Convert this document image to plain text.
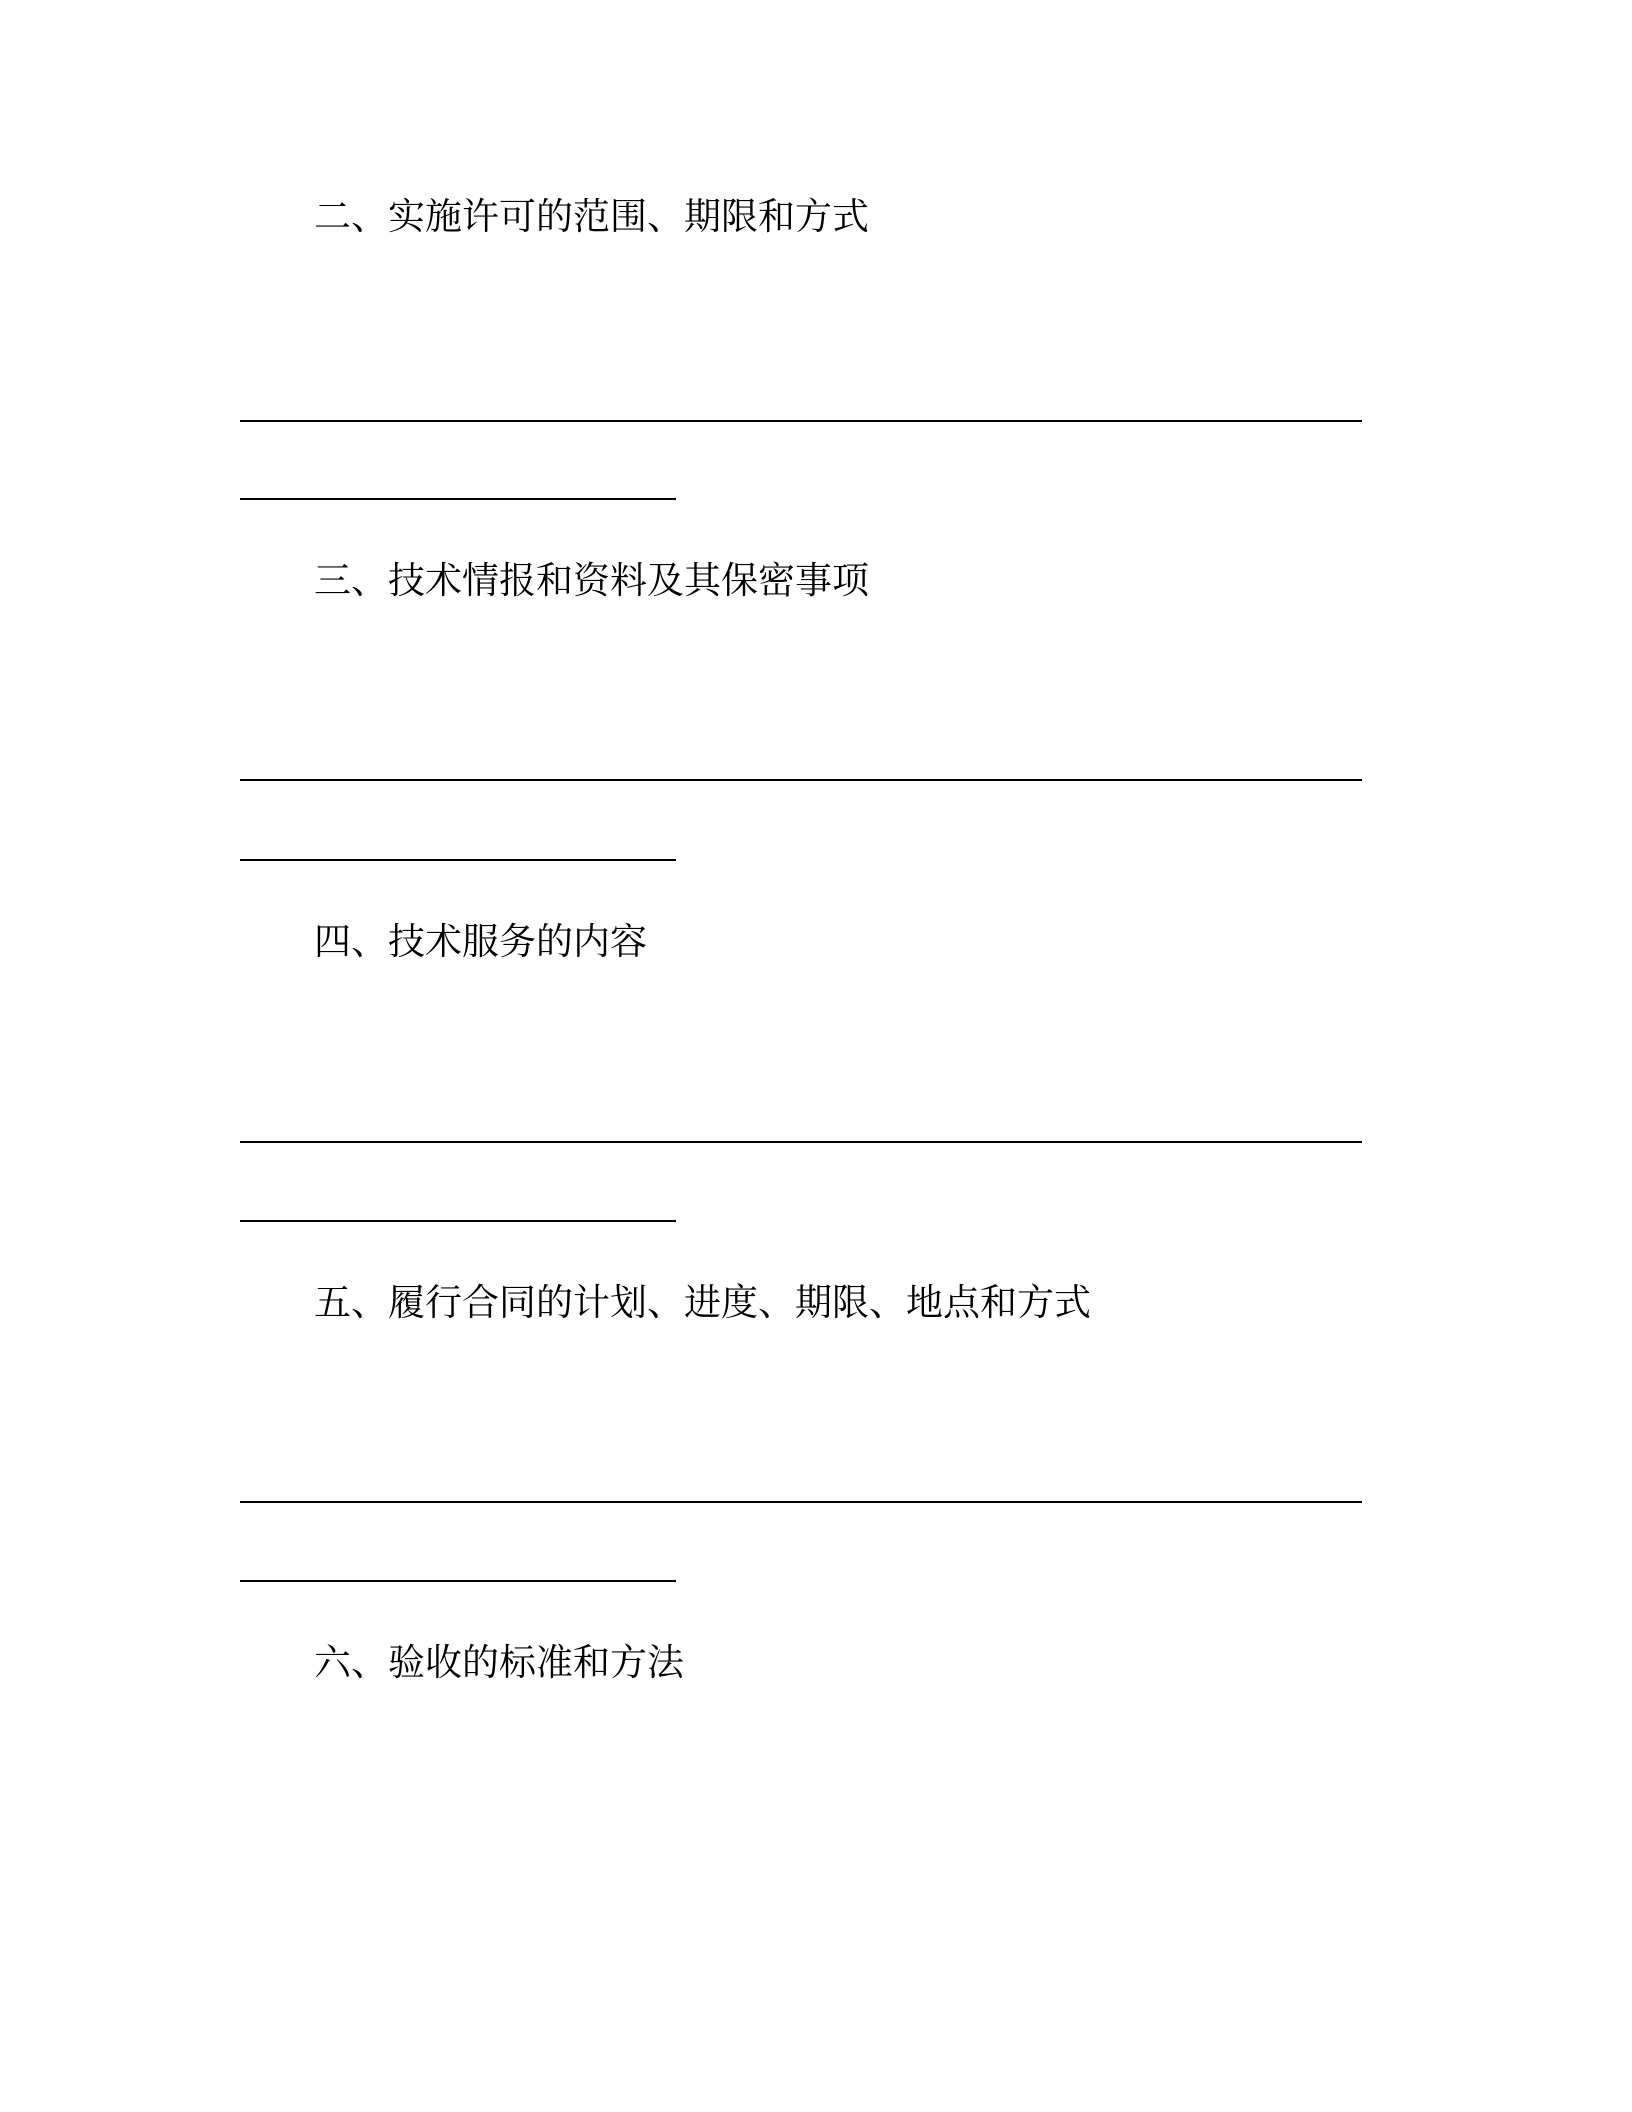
二、实施许可的范围、期限和方式
三、技术情报和资料及其保密事项
四、技术服务的内容
五、履行合同的计划、进度、期限、地点和方式
六、验收的标准和方法
